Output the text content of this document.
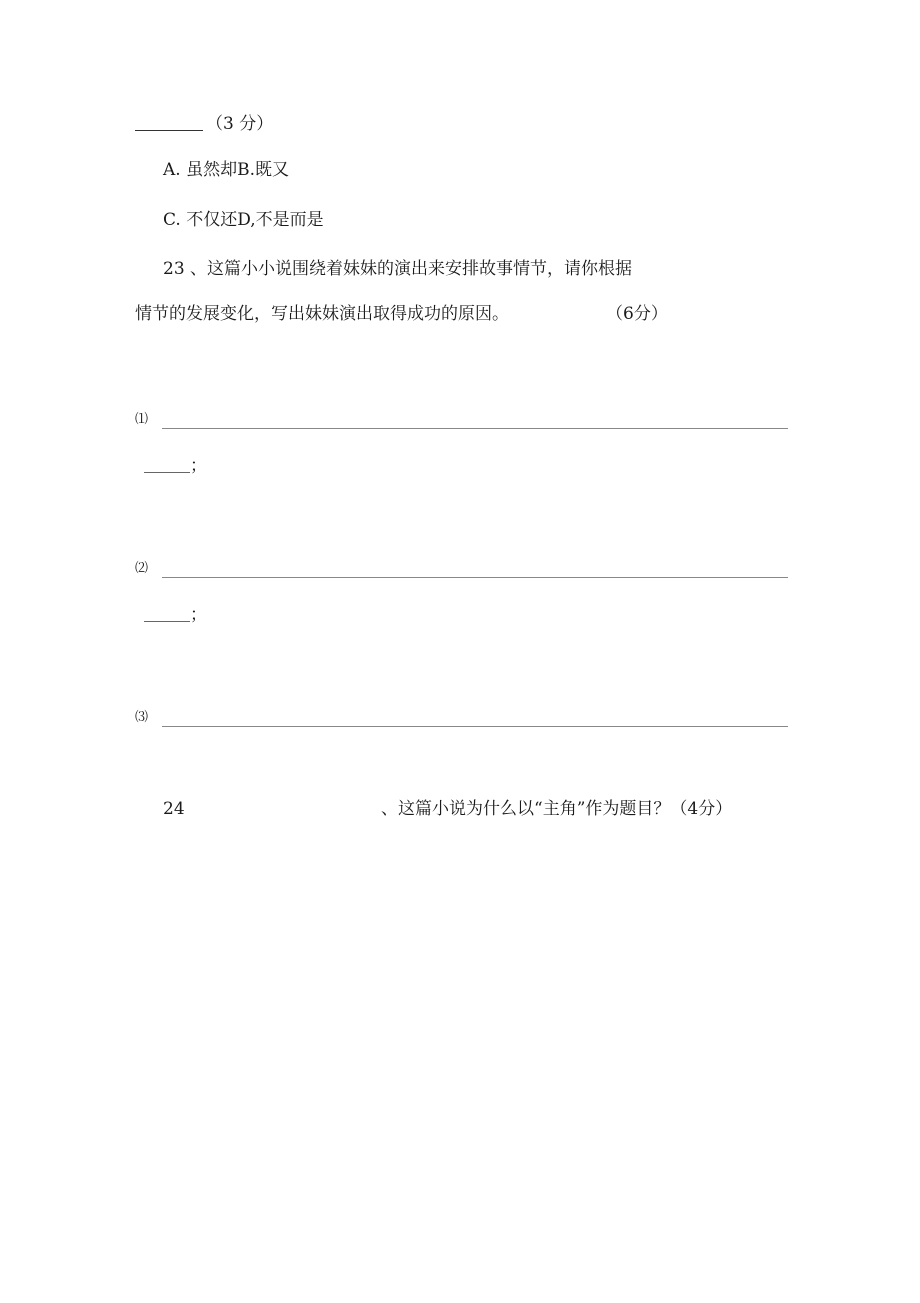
（3 分）
A. 虽然却B.既又
C. 不仅还D,不是而是
23 、这篇小小说围绕着妹妹的演出来安排故事情节，请你根据
情节的发展变化，写出妹妹演出取得成功的原因。	（6分）
⑴
；
⑵
；
⑶
24	、这篇小说为什么以“主角”作为题目？（4分）
